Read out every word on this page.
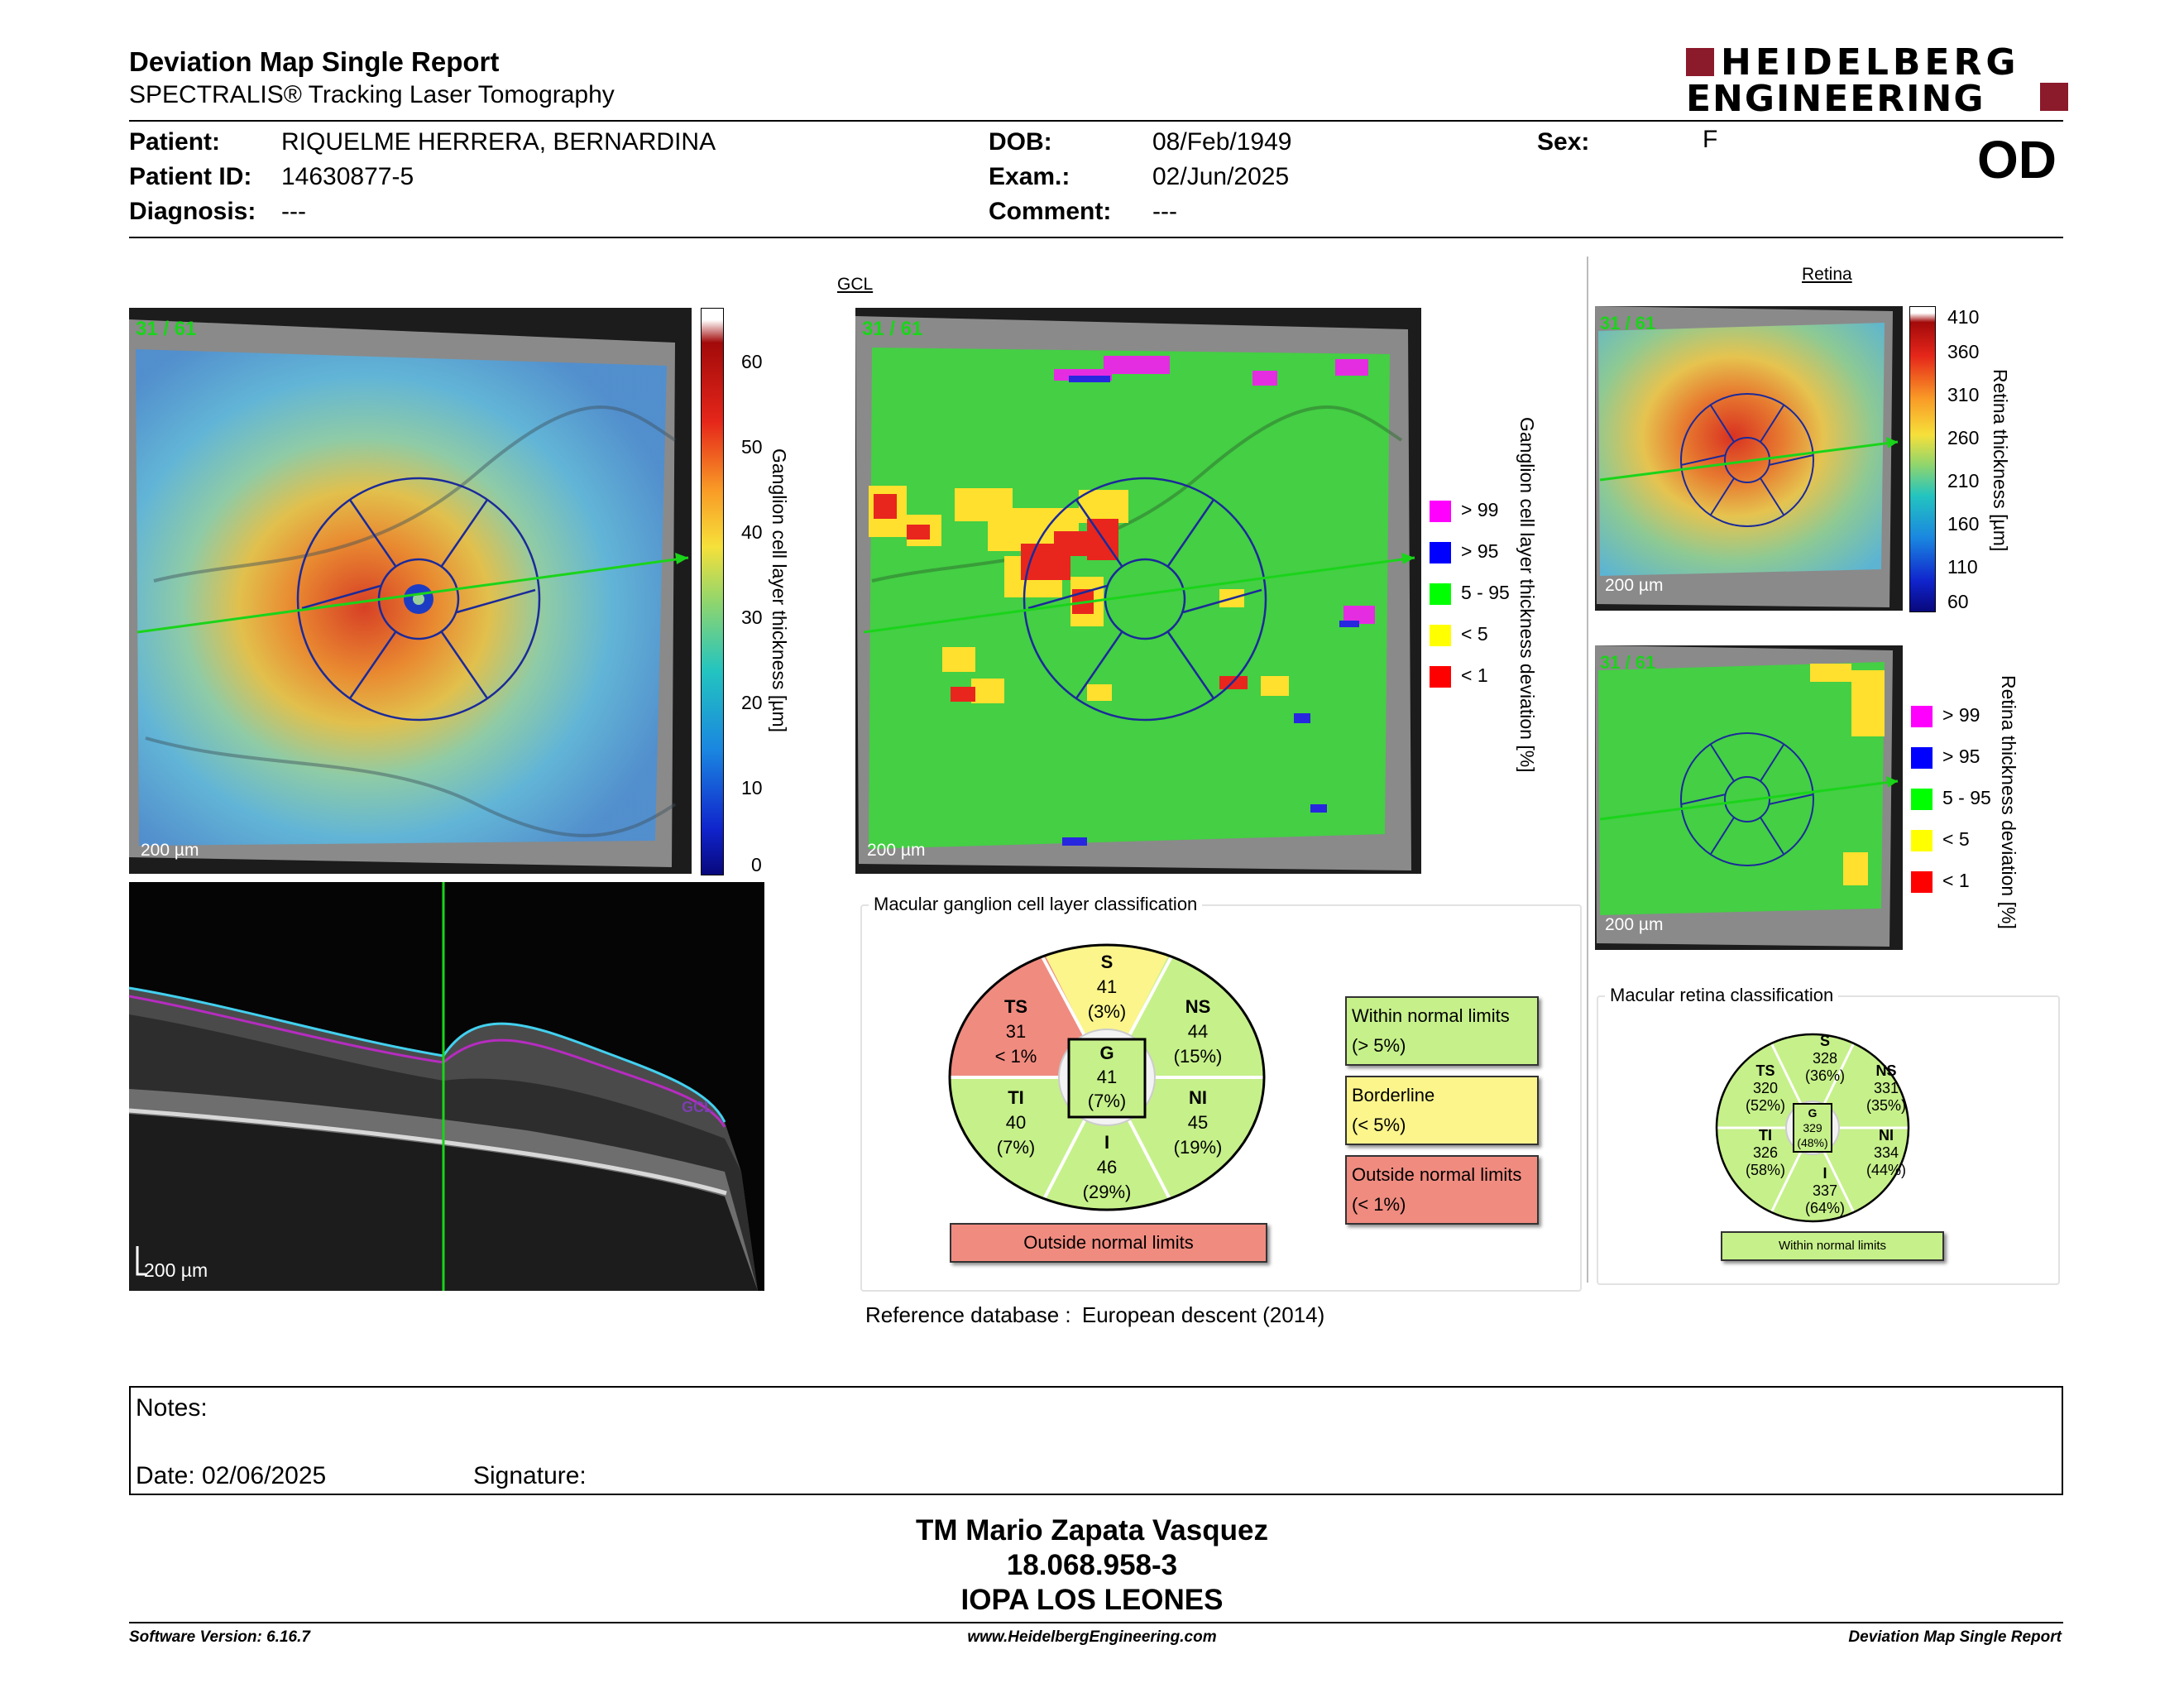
Deviation Map Single Report
SPECTRALIS® Tracking Laser Tomography
HEIDELBERG
ENGINEERING
Patient: RIQUELME HERRERA, BERNARDINA
Patient ID: 14630877-5
Diagnosis: ---
DOB:	08/Feb/1949
Exam.:	02/Jun/2025
Comment: ---
Sex:	F	OD
GCL
31 / 61
200 µm
60
50
40
30
20
10
0
Ganglion cell layer thickness [µm]
31 / 61
200 µm
> 99
> 95
5 - 95
< 5
< 1 Ganglion cell layer thickness deviation [%]
GCL
200 µm
Macular ganglion cell layer classification
S
41
(3%)
TS
31
< 1%
NS
44
(15%)
G
41
(7%)
TI
40
(7%)
NI
45
(19%)
I
46
(29%)
Outside normal limits
Within normal limits
(> 5%)
Borderline
(< 5%)
Outside normal limits
(< 1%)
Reference database : European descent (2014)
Retina
31 / 61
200 µm
410
360
310
260
210
160
110
60
Retina thickness [µm]
31 / 61
200 µm
> 99
> 95
5 - 95
< 5
< 1 Retina thickness deviation [%]
Macular retina classification
S
328
(36%)
TS
320
(52%)
NS
331
(35%)
G
329
(48%)
TI
326
(58%)
NI
334
(44%)
I
337
(64%)
Within normal limits
Notes:
Date: 02/06/2025	Signature:
TM Mario Zapata Vasquez
18.068.958-3
IOPA LOS LEONES
Software Version: 6.16.7	www.HeidelbergEngineering.com	Deviation Map Single Report
